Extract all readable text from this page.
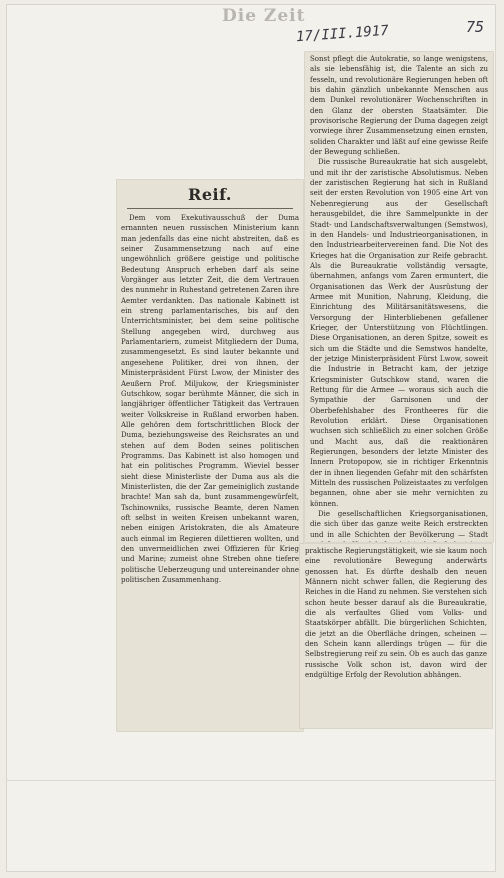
Die Zeit
17/III.1917	75
Reif.

Dem vom Exekutivausschuß der Duma ernannten neuen russischen Ministerium kann man jedenfalls das eine nicht abstreiten, daß es seiner Zusammensetzung nach auf eine ungewöhnlich größere geistige und politische Bedeutung Anspruch erheben darf als seine Vorgänger aus letzter Zeit, die dem Vertrauen des nunmehr in Ruhestand getretenen Zaren ihre Aemter verdankten. Das nationale Kabinett ist ein streng parlamentarisches, bis auf den Unterrichtsminister, bei dem seine politische Stellung angegeben wird, durchweg aus Parlamentariern, zumeist Mitgliedern der Duma, zusammengesetzt. Es sind lauter bekannte und angesehene Politiker, drei von ihnen, der Ministerpräsident Fürst Lwow, der Minister des Aeußern Prof. Miljukow, der Kriegsminister Gutschkow, sogar berühmte Männer, die sich in langjähriger öffentlicher Tätigkeit das Vertrauen weiter Volkskreise in Rußland erworben haben. Alle gehören dem fortschrittlichen Block der Duma, beziehungsweise des Reichsrates an und stehen auf dem Boden seines politischen Programms. Das Kabinett ist also homogen und hat ein politisches Programm. Wieviel besser sieht diese Ministerliste der Duma aus als die Ministerlisten, die der Zar gemeiniglich zustande brachte! Man sah da, bunt zusammengewürfelt, Tschinowniks, russische Beamte, deren Namen oft selbst in weiten Kreisen unbekannt waren, neben einigen Aristokraten, die als Amateure auch einmal im Regieren dilettieren wollten, und den unvermeidlichen zwei Offizieren für Krieg und Marine; zumeist ohne Streben ohne tiefere politische Ueberzeugung und untereinander ohne politischen Zusammenhang.

Sonst pflegt die Autokratie, so lange wenigstens, als sie lebensfähig ist, die Talente an sich zu fesseln, und revolutionäre Regierungen heben oft bis dahin gänzlich unbekannte Menschen aus dem Dunkel revolutionärer Wochenschriften in den Glanz der obersten Staatsämter. Die provisorische Regierung der Duma dagegen zeigt vorwiege ihrer Zusammensetzung einen ernsten, soliden Charakter und läßt auf eine gewisse Reife der Bewegung schließen.

Die russische Bureaukratie hat sich ausgelebt, und mit ihr der zaristische Absolutismus. Neben der zaristischen Regierung hat sich in Rußland seit der ersten Revolution von 1905 eine Art von Nebenregierung aus der Gesellschaft herausgebildet, die ihre Sammelpunkte in der Stadt- und Landschaftsverwaltungen (Semstwos), in den Handels- und Industrieorganisationen, in den Industriearbeitervereinen fand. Die Not des Krieges hat die Organisation zur Reife gebracht. Als die Bureaukratie vollständig versagte, übernahmen, anfangs vom Zaren ermuntert, die Organisationen das Werk der Ausrüstung der Armee mit Munition, Nahrung, Kleidung, die Einrichtung des Militärsanitätswesens, die Versorgung der Hinterbliebenen gefallener Krieger, der Unterstützung von Flüchtlingen. Diese Organisationen, an deren Spitze, soweit es sich um die Städte und die Semstwos handelte, der jetzige Ministerpräsident Fürst Lwow, soweit die Industrie in Betracht kam, der jetzige Kriegsminister Gutschkow stand, waren die Rettung für die Armee — woraus sich auch die Sympathie der Garnisonen und der Oberbefehlshaber des Frontheeres für die Revolution erklärt. Diese Organisationen wuchsen sich schließlich zu einer solchen Größe und Macht aus, daß die reaktionären Regierungen, besonders der letzte Minister des Innern Protopopow, sie in richtiger Erkenntnis der in ihnen liegenden Gefahr mit den schärfsten Mitteln des russischen Polizeistaates zu verfolgen begannen, ohne aber sie mehr vernichten zu können.

Die gesellschaftlichen Kriegsorganisationen, die sich über das ganze weite Reich erstreckten und in alle Schichten der Bevölkerung — Stadt

praktische Regierungstätigkeit, wie sie kaum noch eine revolutionäre Bewegung anderwärts genossen hat. Es dürfte deshalb den neuen Männern nicht schwer fallen, die Regierung des Reiches in die Hand zu nehmen. Sie verstehen sich schon heute besser darauf als die Bureaukratie, die als verfaultes Glied vom Volks- und Staatskörper abfällt. Die bürgerlichen Schichten, die jetzt an die Oberfläche dringen, scheinen — den Schein kann allerdings trügen — für die Selbstregierung reif zu sein. Ob es auch das ganze russische Volk schon ist, davon wird der endgültige Erfolg der Revolution abhängen.
